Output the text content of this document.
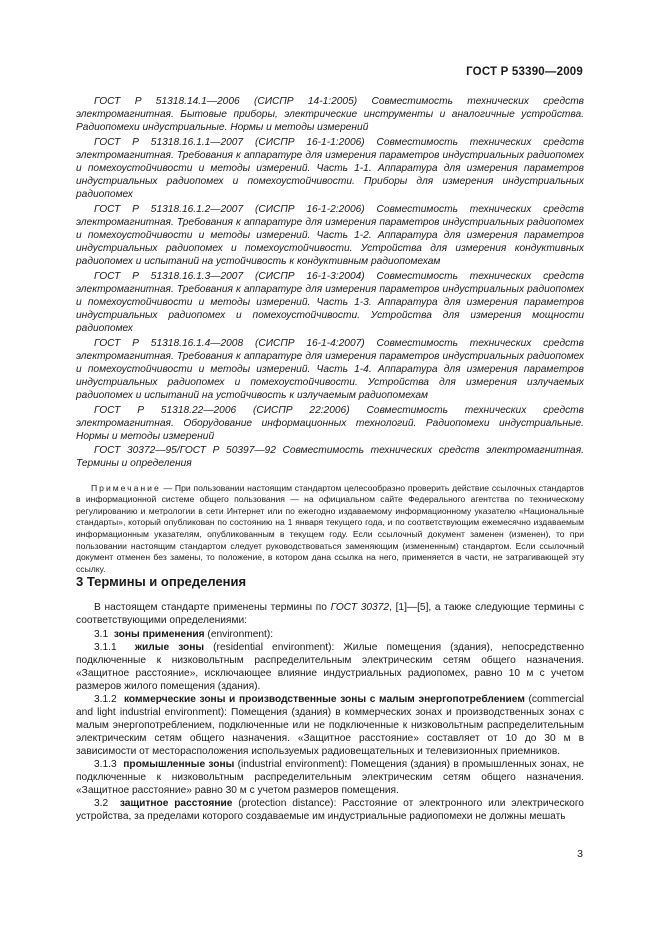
ГОСТ Р 53390—2009

ГОСТ Р 51318.14.1—2006 (СИСПР 14-1:2005) Совместимость технических средств электромагнитная. Бытовые приборы, электрические инструменты и аналогичные устройства. Радиопомехи индустриальные. Нормы и методы измерений

ГОСТ Р 51318.16.1.1—2007 (СИСПР 16-1-1:2006) Совместимость технических средств электромагнитная. Требования к аппаратуре для измерения параметров индустриальных радиопомех и помехоустойчивости и методы измерений. Часть 1-1. Аппаратура для измерения параметров индустриальных радиопомех и помехоустойчивости. Приборы для измерения индустриальных радиопомех

ГОСТ Р 51318.16.1.2—2007 (СИСПР 16-1-2:2006) Совместимость технических средств электромагнитная. Требования к аппаратуре для измерения параметров индустриальных радиопомех и помехоустойчивости и методы измерений. Часть 1-2. Аппаратура для измерения параметров индустриальных радиопомех и помехоустойчивости. Устройства для измерения кондуктивных радиопомех и испытаний на устойчивость к кондуктивным радиопомехам

ГОСТ Р 51318.16.1.3—2007 (СИСПР 16-1-3:2004) Совместимость технических средств электромагнитная. Требования к аппаратуре для измерения параметров индустриальных радиопомех и помехоустойчивости и методы измерений. Часть 1-3. Аппаратура для измерения параметров индустриальных радиопомех и помехоустойчивости. Устройства для измерения мощности радиопомех

ГОСТ Р 51318.16.1.4—2008 (СИСПР 16-1-4:2007) Совместимость технических средств электромагнитная. Требования к аппаратуре для измерения параметров индустриальных радиопомех и помехоустойчивости и методы измерений. Часть 1-4. Аппаратура для измерения параметров индустриальных радиопомех и помехоустойчивости. Устройства для измерения излучаемых радиопомех и испытаний на устойчивость к излучаемым радиопомехам

ГОСТ Р 51318.22—2006 (СИСПР 22:2006) Совместимость технических средств электромагнитная. Оборудование информационных технологий. Радиопомехи индустриальные. Нормы и методы измерений

ГОСТ 30372—95/ГОСТ Р 50397—92 Совместимость технических средств электромагнитная. Термины и определения

Примечание — При пользовании настоящим стандартом целесообразно проверить действие ссылочных стандартов в информационной системе общего пользования — на официальном сайте Федерального агентства по техническому регулированию и метрологии в сети Интернет или по ежегодно издаваемому информационному указателю «Национальные стандарты», который опубликован по состоянию на 1 января текущего года, и по соответствующим ежемесячно издаваемым информационным указателям, опубликованным в текущем году. Если ссылочный документ заменен (изменен), то при пользовании настоящим стандартом следует руководствоваться заменяющим (измененным) стандартом. Если ссылочный документ отменен без замены, то положение, в котором дана ссылка на него, применяется в части, не затрагивающей эту ссылку.

3 Термины и определения

В настоящем стандарте применены термины по ГОСТ 30372, [1]—[5], а также следующие термины с соответствующими определениями:

3.1 зоны применения (environment):

3.1.1 жилые зоны (residential environment): Жилые помещения (здания), непосредственно подключенные к низковольтным распределительным электрическим сетям общего назначения. «Защитное расстояние», исключающее влияние индустриальных радиопомех, равно 10 м с учетом размеров жилого помещения (здания).

3.1.2 коммерческие зоны и производственные зоны с малым энергопотреблением (commercial and light industrial environment): Помещения (здания) в коммерческих зонах и производственных зонах с малым энергопотреблением, подключенные или не подключенные к низковольтным распределительным электрическим сетям общего назначения. «Защитное расстояние» составляет от 10 до 30 м в зависимости от месторасположения используемых радиовещательных и телевизионных приемников.

3.1.3 промышленные зоны (industrial environment): Помещения (здания) в промышленных зонах, не подключенные к низковольтным распределительным электрическим сетям общего назначения. «Защитное расстояние» равно 30 м с учетом размеров помещения.

3.2 защитное расстояние (protection distance): Расстояние от электронного или электрического устройства, за пределами которого создаваемые им индустриальные радиопомехи не должны мешать

3
